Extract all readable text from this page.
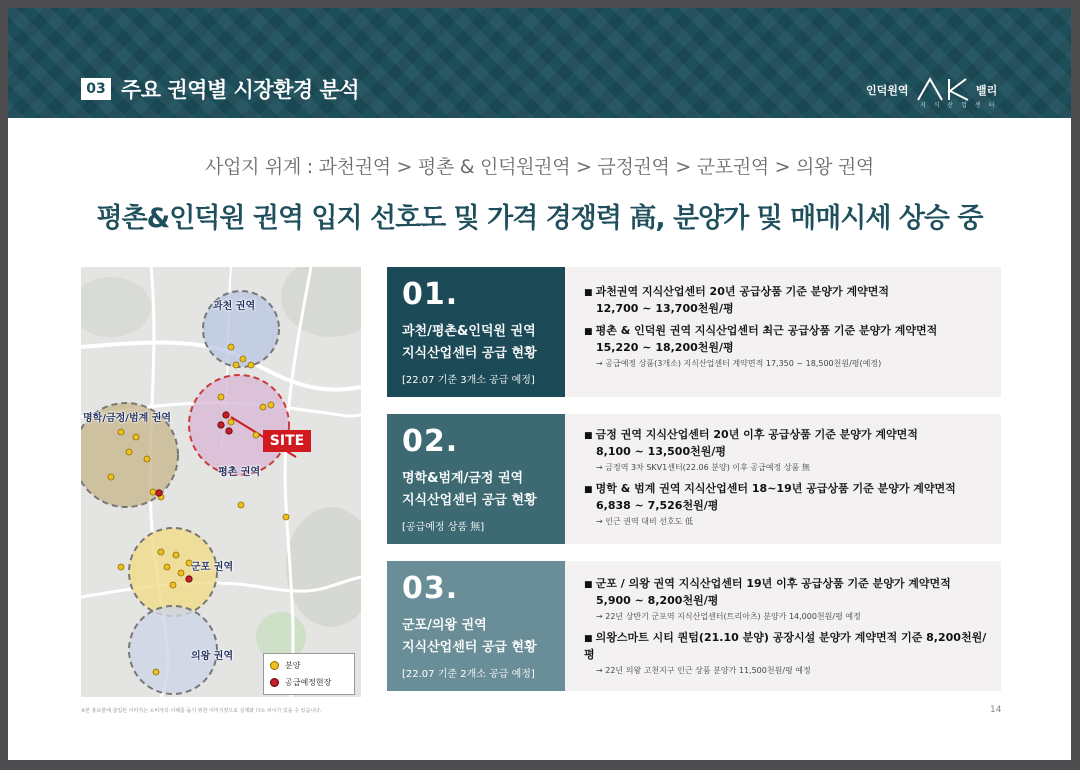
03 주요 권역별 시장환경 분석	인덕원역	밸리
지 식 산 업 센 터
사업지 위계 : 과천권역 > 평촌 & 인덕원권역 > 금정권역 > 군포권역 > 의왕 권역
평촌&인덕원 권역 입지 선호도 및 가격 경쟁력 高, 분양가 및 매매시세 상승 중
과천 권역
명학/금정/범계 권역
평촌 권역
군포 권역
의왕 권역
SITE
분양
공급예정현장
01.
과천/평촌&인덕원 권역
지식산업센터 공급 현황
[22.07 기준 3개소 공급 예정]
■ 과천권역 지식산업센터 20년 공급상품 기준 분양가 계약면적
12,700 ~ 13,700천원/평
■ 평촌 & 인덕원 권역 지식산업센터 최근 공급상품 기준 분양가 계약면적
15,220 ~ 18,200천원/평
→ 공급예정 상품(3개소) 지식산업센터 계약면적 17,350 ~ 18,500천원/평(예정)
02.
명학&범계/금정 권역
지식산업센터 공급 현황
[공급예정 상품 無]
■ 금정 권역 지식산업센터 20년 이후 공급상품 기준 분양가 계약면적
8,100 ~ 13,500천원/평
→ 금정역 3차 SKV1센터(22.06 분양) 이후 공급예정 상품 無
■ 명학 & 범계 권역 지식산업센터 18~19년 공급상품 기준 분양가 계약면적
6,838 ~ 7,526천원/평
→ 인근 권역 대비 선호도 低
03.
군포/의왕 권역
지식산업센터 공급 현황
[22.07 기준 2개소 공급 예정]
■ 군포 / 의왕 권역 지식산업센터 19년 이후 공급상품 기준 분양가 계약면적
5,900 ~ 8,200천원/평
→ 22년 상반기 군포역 지식산업센터(트리아츠) 분양가 14,000천원/평 예정
■ 의왕스마트 시티 퀀텀(21.10 분양) 공장시설 분양가 계약면적 기준 8,200천원/평
→ 22년 의왕 고천지구 인근 상품 분양가 11,500천원/평 예정
※본 홍보물에 삽입된 이미지는 소비자의 이해를 돕기 위한 이미지컷으로 실제와 다소 차이가 있을 수 있습니다.	14
